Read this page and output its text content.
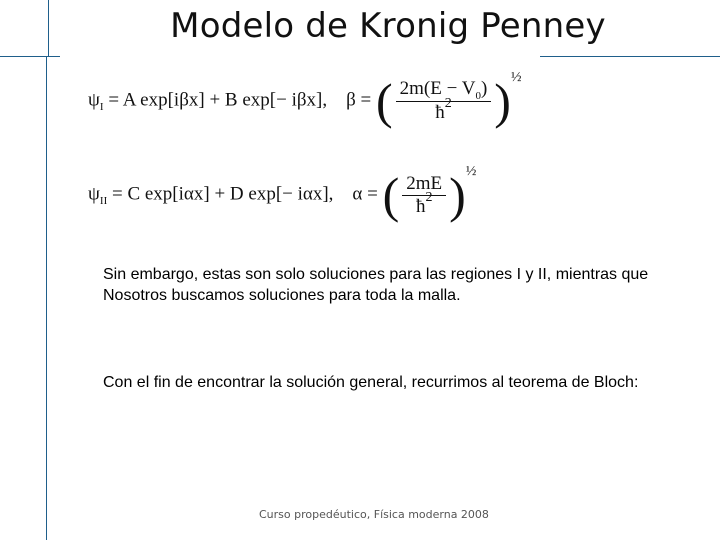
Modelo de Kronig Penney
$\psi_I = A$ exp[iβx] + B exp[− iβx], β = ( $\frac{2m(E - V_0)}{ħ^2} )^{\frac{1}{2}}$
$\psi_{II} = C$ exp[iαx] + D exp[− iαx], α = ( $\frac{2mE}{ħ^2} )^{\frac{1}{2}}$
Sin embargo, estas son solo soluciones para las regiones I y II, mientras que
Nosotros buscamos soluciones para toda la malla.
Con el fin de encontrar la solución general, recurrimos al teorema de Bloch:
Curso propedéutico, Física moderna 2008
